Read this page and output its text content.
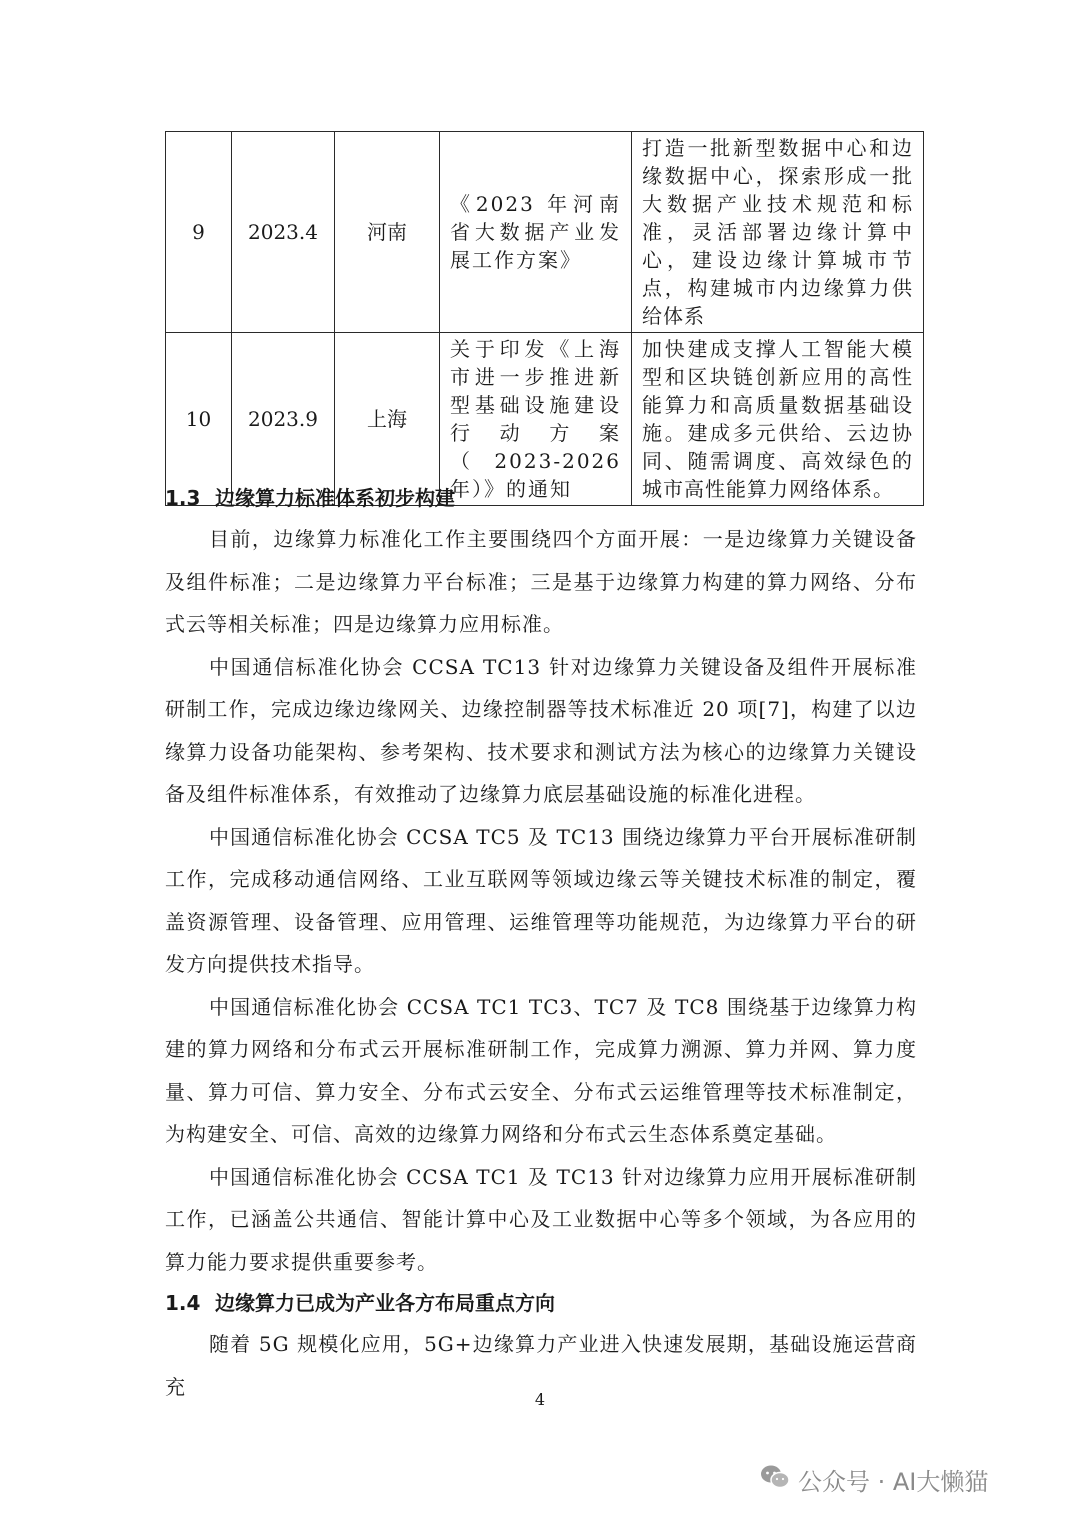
9	2023.4	河南	《2023 年河南省大数据产业发展工作方案》	打造一批新型数据中心和边缘数据中心，探索形成一批大数据产业技术规范和标准，灵活部署边缘计算中心，建设边缘计算城市节点，构建城市内边缘算力供给体系
10	2023.9	上海	关于印发《上海市进一步推进新型基础设施建设行动方案（2023-2026 年）》的通知	加快建成支撑人工智能大模型和区块链创新应用的高性能算力和高质量数据基础设施。建成多元供给、云边协同、随需调度、高效绿色的城市高性能算力网络体系。
1.3 边缘算力标准体系初步构建

目前，边缘算力标准化工作主要围绕四个方面开展：一是边缘算力关键设备及组件标准；二是边缘算力平台标准；三是基于边缘算力构建的算力网络、分布式云等相关标准；四是边缘算力应用标准。

中国通信标准化协会 CCSA TC13 针对边缘算力关键设备及组件开展标准研制工作，完成边缘边缘网关、边缘控制器等技术标准近 20 项[7]，构建了以边缘算力设备功能架构、参考架构、技术要求和测试方法为核心的边缘算力关键设备及组件标准体系，有效推动了边缘算力底层基础设施的标准化进程。

中国通信标准化协会 CCSA TC5 及 TC13 围绕边缘算力平台开展标准研制工作，完成移动通信网络、工业互联网等领域边缘云等关键技术标准的制定，覆盖资源管理、设备管理、应用管理、运维管理等功能规范，为边缘算力平台的研发方向提供技术指导。

中国通信标准化协会 CCSA TC1 TC3、TC7 及 TC8 围绕基于边缘算力构建的算力网络和分布式云开展标准研制工作，完成算力溯源、算力并网、算力度量、算力可信、算力安全、分布式云安全、分布式云运维管理等技术标准制定，为构建安全、可信、高效的边缘算力网络和分布式云生态体系奠定基础。

中国通信标准化协会 CCSA TC1 及 TC13 针对边缘算力应用开展标准研制工作，已涵盖公共通信、智能计算中心及工业数据中心等多个领域，为各应用的算力能力要求提供重要参考。

1.4 边缘算力已成为产业各方布局重点方向

随着 5G 规模化应用，5G+边缘算力产业进入快速发展期，基础设施运营商充

4
公众号 · AI大懒猫
